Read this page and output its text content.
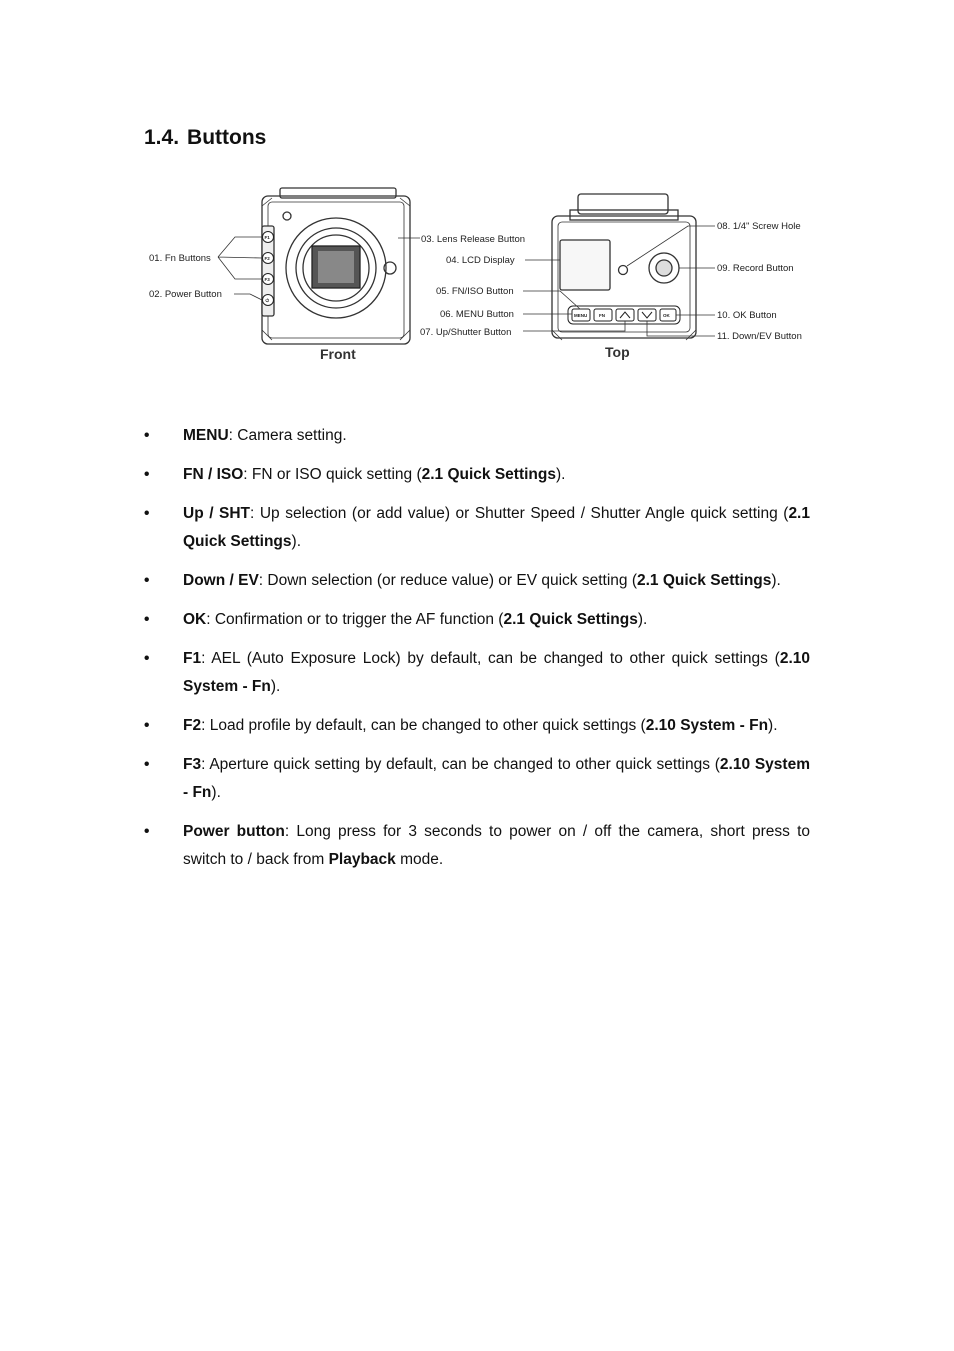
1.4. Buttons
F1
F2
F3
⏻
01. Fn Buttons
02. Power Button
03. Lens Release Button
Front
MENU	FN	OK
04. LCD Display
05. FN/ISO Button
06. MENU Button
07. Up/Shutter Button
08. 1/4" Screw Hole
09. Record Button
10. OK Button
11. Down/EV Button
Top
• MENU: Camera setting.
• FN / ISO: FN or ISO quick setting (2.1 Quick Settings).
• Up / SHT: Up selection (or add value) or Shutter Speed / Shutter Angle quick setting (2.1 Quick Settings).
• Down / EV: Down selection (or reduce value) or EV quick setting (2.1 Quick Settings).
• OK: Confirmation or to trigger the AF function (2.1 Quick Settings).
• F1: AEL (Auto Exposure Lock) by default, can be changed to other quick settings (2.10 System - Fn).
• F2: Load profile by default, can be changed to other quick settings (2.10 System - Fn).
• F3: Aperture quick setting by default, can be changed to other quick settings (2.10 System - Fn).
• Power button: Long press for 3 seconds to power on / off the camera, short press to switch to / back from Playback mode.
